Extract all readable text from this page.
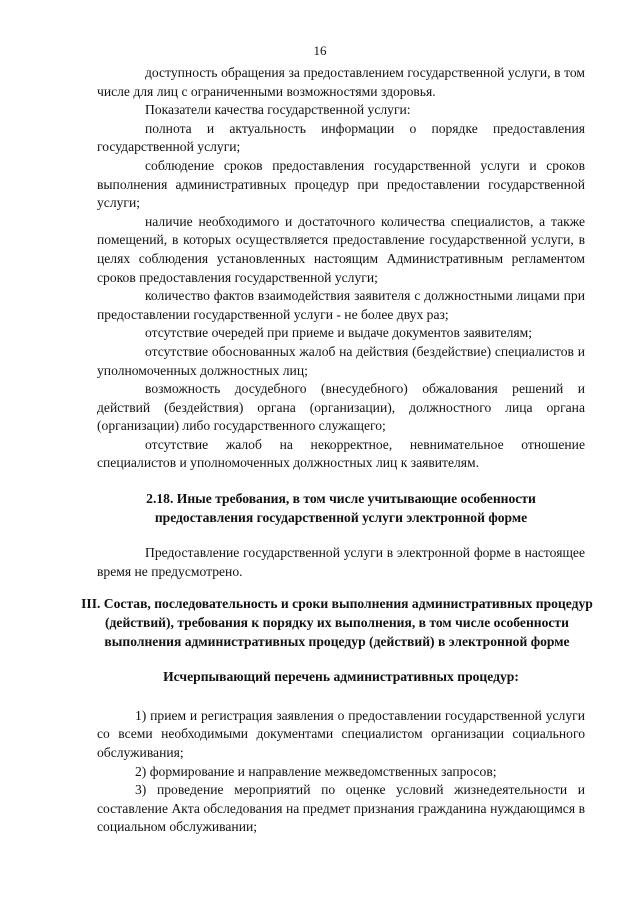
16

доступность обращения за предоставлением государственной услуги, в том числе для лиц с ограниченными возможностями здоровья.

Показатели качества государственной услуги:

полнота и актуальность информации о порядке предоставления государственной услуги;

соблюдение сроков предоставления государственной услуги и сроков выполнения административных процедур при предоставлении государственной услуги;

наличие необходимого и достаточного количества специалистов, а также помещений, в которых осуществляется предоставление государственной услуги, в целях соблюдения установленных настоящим Административным регламентом сроков предоставления государственной услуги;

количество фактов взаимодействия заявителя с должностными лицами при предоставлении государственной услуги - не более двух раз;

отсутствие очередей при приеме и выдаче документов заявителям;

отсутствие обоснованных жалоб на действия (бездействие) специалистов и уполномоченных должностных лиц;

возможность досудебного (внесудебного) обжалования решений и действий (бездействия) органа (организации), должностного лица органа (организации) либо государственного служащего;

отсутствие жалоб на некорректное, невнимательное отношение специалистов и уполномоченных должностных лиц к заявителям.

2.18. Иные требования, в том числе учитывающие особенности предоставления государственной услуги электронной форме

Предоставление государственной услуги в электронной форме в настоящее время не предусмотрено.

III. Состав, последовательность и сроки выполнения административных процедур (действий), требования к порядку их выполнения, в том числе особенности выполнения административных процедур (действий) в электронной форме

Исчерпывающий перечень административных процедур:

1) прием и регистрация заявления о предоставлении государственной услуги со всеми необходимыми документами специалистом организации социального обслуживания;

2) формирование и направление межведомственных запросов;

3) проведение мероприятий по оценке условий жизнедеятельности и составление Акта обследования на предмет признания гражданина нуждающимся в социальном обслуживании;
